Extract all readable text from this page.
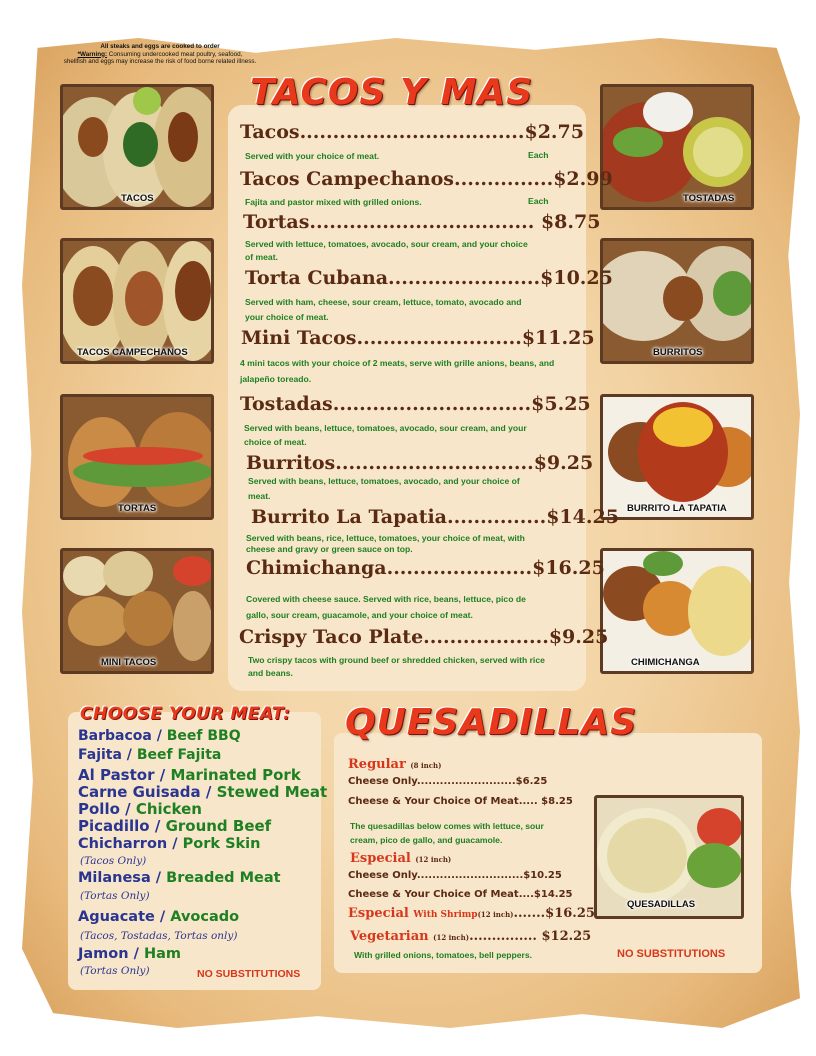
All steaks and eggs are cooked to order
*Warning: Consuming undercooked meat poultry, seafood,
shellfish and eggs may increase the risk of food borne related illness.
TACOS Y MAS
CHOOSE YOUR MEAT: QUESADILLAS
TACOS
TACOS CAMPECHANOS
TORTAS
MINI TACOS
TOSTADAS
BURRITOS
BURRITO LA TAPATIA
CHIMICHANGA
QUESADILLAS
Tacos..................................$2.75
Served with your choice of meat.	Each
Tacos Campechanos...............$2.99
Fajita and pastor mixed with grilled onions.	Each
Tortas.................................. $8.75
Served with lettuce, tomatoes, avocado, sour cream, and your choice of meat.
Torta Cubana.......................$10.25
Served with ham, cheese, sour cream, lettuce, tomato, avocado and your choice of meat.
Mini Tacos.........................$11.25
4 mini tacos with your choice of 2 meats, serve with grille anions, beans, and jalapeño toreado.
Tostadas..............................$5.25
Served with beans, lettuce, tomatoes, avocado, sour cream, and your choice of meat.
Burritos..............................$9.25
Served with beans, lettuce, tomatoes, avocado, and your choice of meat.
Burrito La Tapatia...............$14.25
Served with beans, rice, lettuce, tomatoes, your choice of meat, with cheese and gravy or green sauce on top.
Chimichanga......................$16.25
Covered with cheese sauce. Served with rice, beans, lettuce, pico de gallo, sour cream, guacamole, and your choice of meat.
Crispy Taco Plate...................$9.25
Two crispy tacos with ground beef or shredded chicken, served with rice and beans.
Barbacoa / Beef BBQ
Fajita / Beef Fajita
Al Pastor / Marinated Pork
Carne Guisada / Stewed Meat
Pollo / Chicken
Picadillo / Ground Beef
Chicharron / Pork Skin
(Tacos Only)
Milanesa / Breaded Meat
(Tortas Only)
Aguacate / Avocado
(Tacos, Tostadas, Tortas only)
Jamon / Ham
(Tortas Only)	NO SUBSTITUTIONS
Regular (8 inch)
Cheese Only..........................$6.25
Cheese & Your Choice Of Meat..... $8.25
The quesadillas below comes with lettuce, sour cream, pico de gallo, and guacamole.
Especial (12 inch)
Cheese Only............................$10.25
Cheese & Your Choice Of Meat....$14.25
Especial With Shrimp(12 inch).......$16.25
Vegetarian (12 inch)............... $12.25
With grilled onions, tomatoes, bell peppers.	NO SUBSTITUTIONS
